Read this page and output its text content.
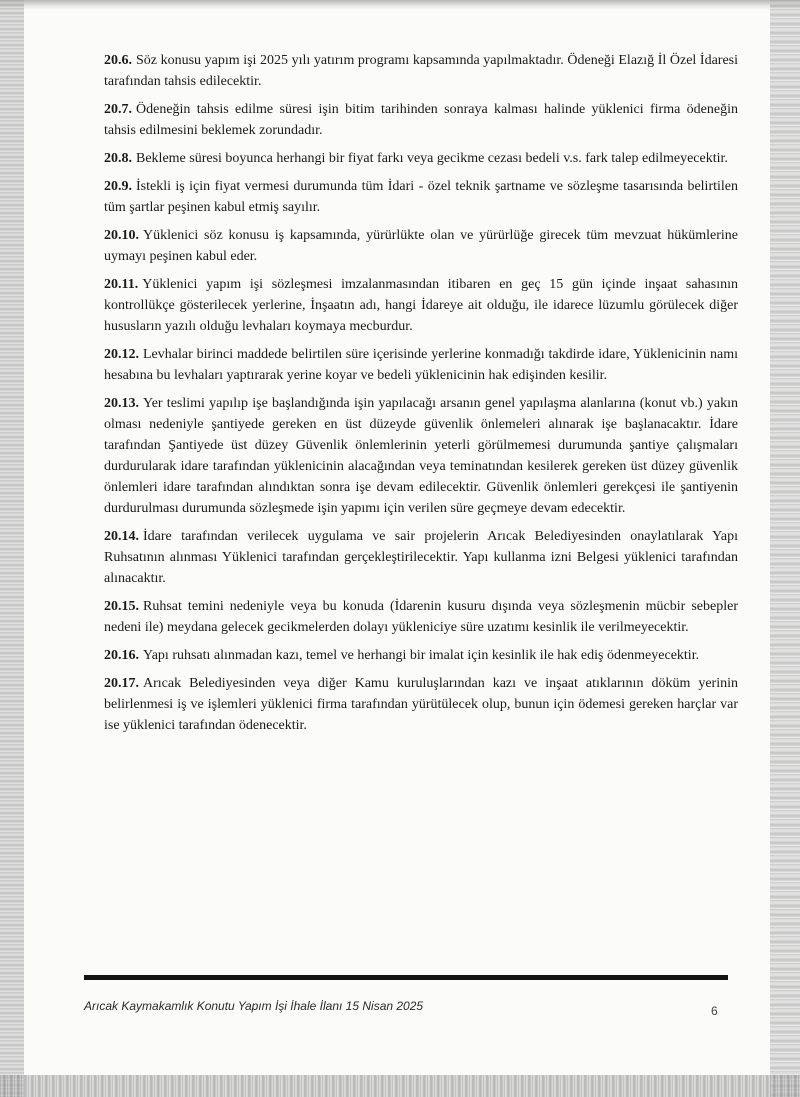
20.6. Söz konusu yapım işi 2025 yılı yatırım programı kapsamında yapılmaktadır. Ödeneği Elazığ İl Özel İdaresi tarafından tahsis edilecektir.

20.7. Ödeneğin tahsis edilme süresi işin bitim tarihinden sonraya kalması halinde yüklenici firma ödeneğin tahsis edilmesini beklemek zorundadır.

20.8. Bekleme süresi boyunca herhangi bir fiyat farkı veya gecikme cezası bedeli v.s. fark talep edilmeyecektir.

20.9. İstekli iş için fiyat vermesi durumunda tüm İdari - özel teknik şartname ve sözleşme tasarısında belirtilen tüm şartlar peşinen kabul etmiş sayılır.

20.10. Yüklenici söz konusu iş kapsamında, yürürlükte olan ve yürürlüğe girecek tüm mevzuat hükümlerine uymayı peşinen kabul eder.

20.11. Yüklenici yapım işi sözleşmesi imzalanmasından itibaren en geç 15 gün içinde inşaat sahasının kontrollükçe gösterilecek yerlerine, İnşaatın adı, hangi İdareye ait olduğu, ile idarece lüzumlu görülecek diğer hususların yazılı olduğu levhaları koymaya mecburdur.

20.12. Levhalar birinci maddede belirtilen süre içerisinde yerlerine konmadığı takdirde idare, Yüklenicinin namı hesabına bu levhaları yaptırarak yerine koyar ve bedeli yüklenicinin hak edişinden kesilir.

20.13. Yer teslimi yapılıp işe başlandığında işin yapılacağı arsanın genel yapılaşma alanlarına (konut vb.) yakın olması nedeniyle şantiyede gereken en üst düzeyde güvenlik önlemeleri alınarak işe başlanacaktır. İdare tarafından Şantiyede üst düzey Güvenlik önlemlerinin yeterli görülmemesi durumunda şantiye çalışmaları durdurularak idare tarafından yüklenicinin alacağından veya teminatından kesilerek gereken üst düzey güvenlik önlemleri idare tarafından alındıktan sonra işe devam edilecektir. Güvenlik önlemleri gerekçesi ile şantiyenin durdurulması durumunda sözleşmede işin yapımı için verilen süre geçmeye devam edecektir.

20.14. İdare tarafından verilecek uygulama ve sair projelerin Arıcak Belediyesinden onaylatılarak Yapı Ruhsatının alınması Yüklenici tarafından gerçekleştirilecektir. Yapı kullanma izni Belgesi yüklenici tarafından alınacaktır.

20.15. Ruhsat temini nedeniyle veya bu konuda (İdarenin kusuru dışında veya sözleşmenin mücbir sebepler nedeni ile) meydana gelecek gecikmelerden dolayı yükleniciye süre uzatımı kesinlik ile verilmeyecektir.

20.16. Yapı ruhsatı alınmadan kazı, temel ve herhangi bir imalat için kesinlik ile hak ediş ödenmeyecektir.

20.17. Arıcak Belediyesinden veya diğer Kamu kuruluşlarından kazı ve inşaat atıklarının döküm yerinin belirlenmesi iş ve işlemleri yüklenici firma tarafından yürütülecek olup, bunun için ödemesi gereken harçlar var ise yüklenici tarafından ödenecektir.

Arıcak Kaymakamlık Konutu Yapım İşi İhale İlanı 15 Nisan 2025	6
